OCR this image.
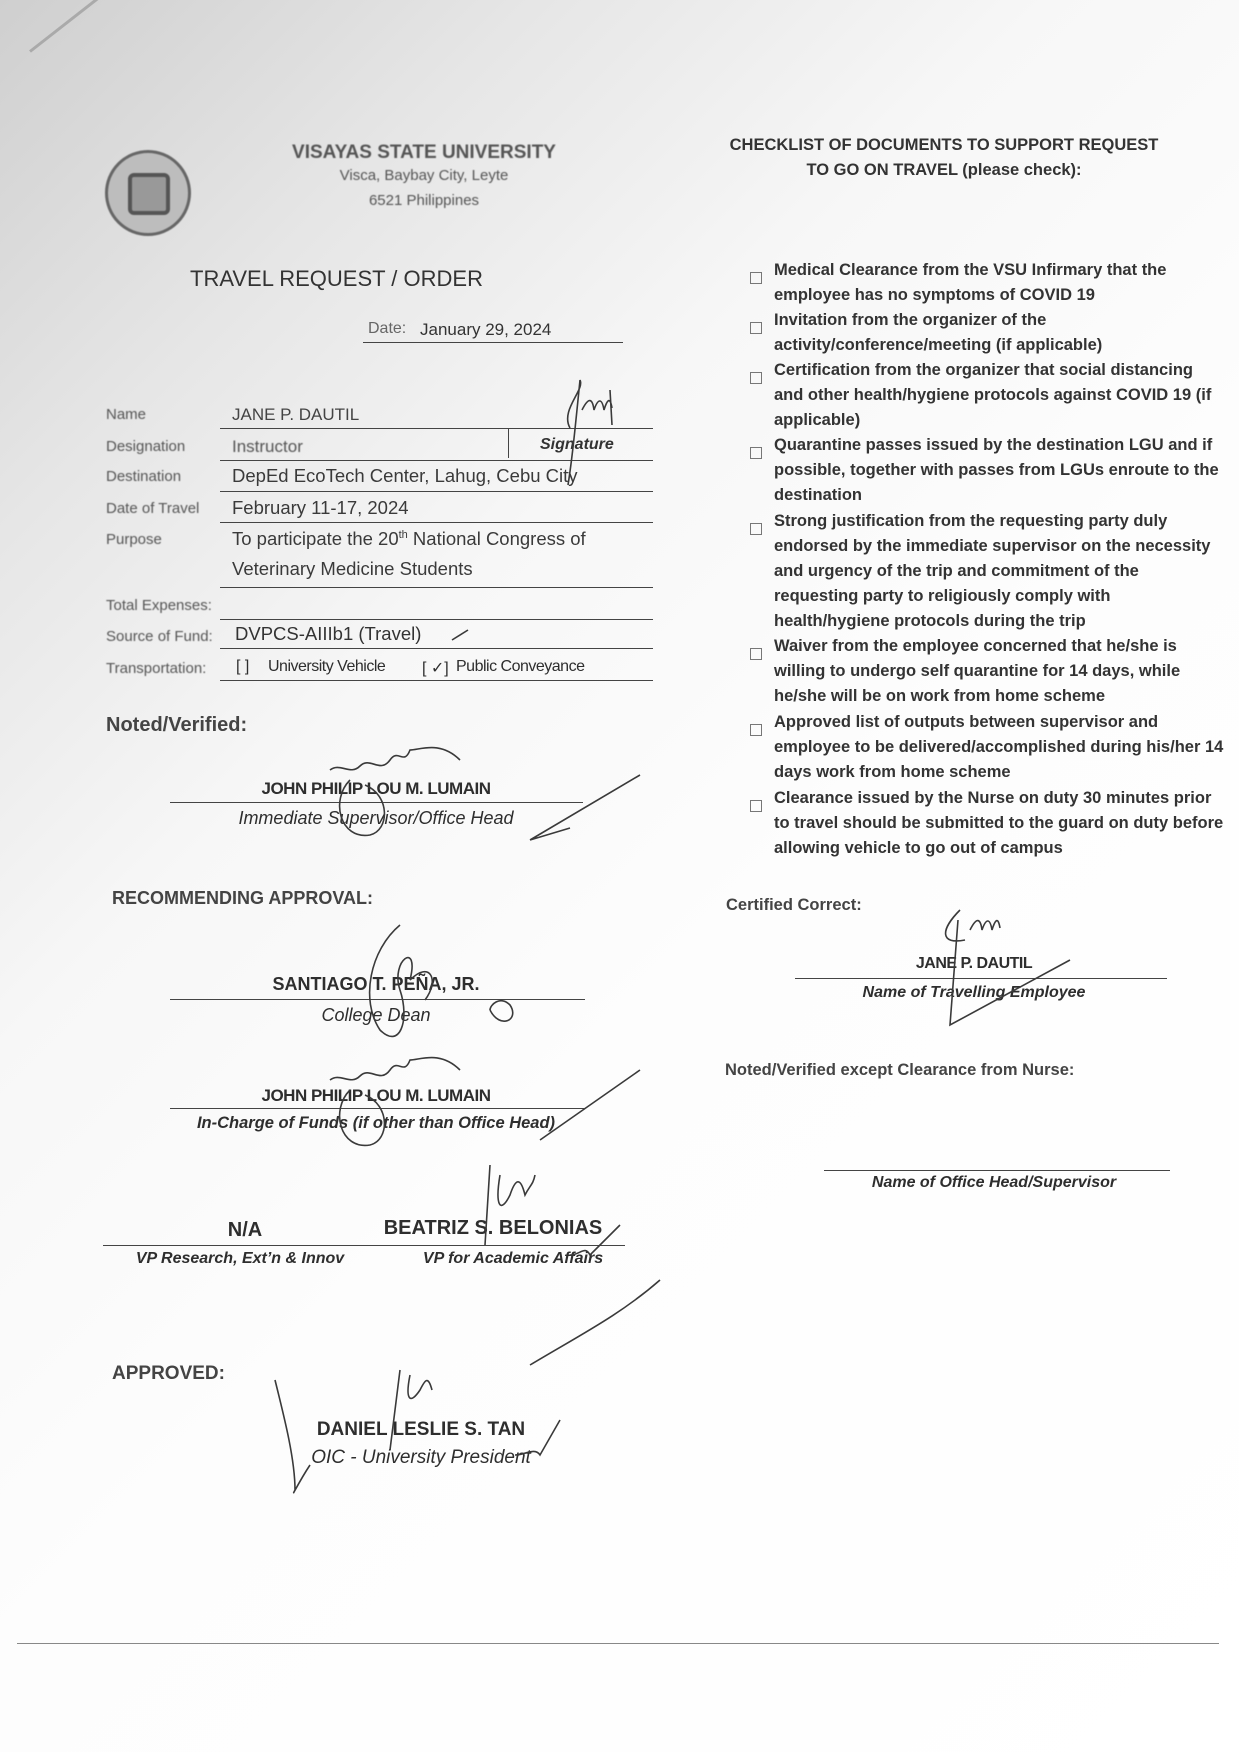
VISAYAS STATE UNIVERSITY
Visca, Baybay City, Leyte
6521 Philippines
TRAVEL REQUEST / ORDER
Date: January 29, 2024
Name	JANE P. DAUTIL
Designation	Instructor	Signature
Destination	DepEd EcoTech Center, Lahug, Cebu City
Date of Travel February 11-17, 2024
Purpose	To participate the 20th National Congress of
Veterinary Medicine Students
Total Expenses:
Source of Fund: DVPCS-AIIIb1 (Travel)
Transportation: [ ] University Vehicle [ ✓] Public Conveyance
Noted/Verified:
JOHN PHILIP LOU M. LUMAIN
Immediate Supervisor/Office Head
RECOMMENDING APPROVAL:
SANTIAGO T. PEÑA, JR.
College Dean
JOHN PHILIP LOU M. LUMAIN
In-Charge of Funds (if other than Office Head)
N/A	BEATRIZ S. BELONIAS
VP Research, Ext’n & Innov	VP for Academic Affairs
APPROVED:
DANIEL LESLIE S. TAN
OIC - University President
CHECKLIST OF DOCUMENTS TO SUPPORT REQUEST
TO GO ON TRAVEL (please check):
Medical Clearance from the VSU Infirmary that the employee has no symptoms of COVID 19
Invitation from the organizer of the activity/conference/meeting (if applicable)
Certification from the organizer that social distancing and other health/hygiene protocols against COVID 19 (if applicable)
Quarantine passes issued by the destination LGU and if possible, together with passes from LGUs enroute to the destination
Strong justification from the requesting party duly endorsed by the immediate supervisor on the necessity and urgency of the trip and commitment of the requesting party to religiously comply with health/hygiene protocols during the trip
Waiver from the employee concerned that he/she is willing to undergo self quarantine for 14 days, while he/she will be on work from home scheme
Approved list of outputs between supervisor and employee to be delivered/accomplished during his/her 14 days work from home scheme
Clearance issued by the Nurse on duty 30 minutes prior to travel should be submitted to the guard on duty before allowing vehicle to go out of campus
Certified Correct:
JANE P. DAUTIL
Name of Travelling Employee
Noted/Verified except Clearance from Nurse:
Name of Office Head/Supervisor
